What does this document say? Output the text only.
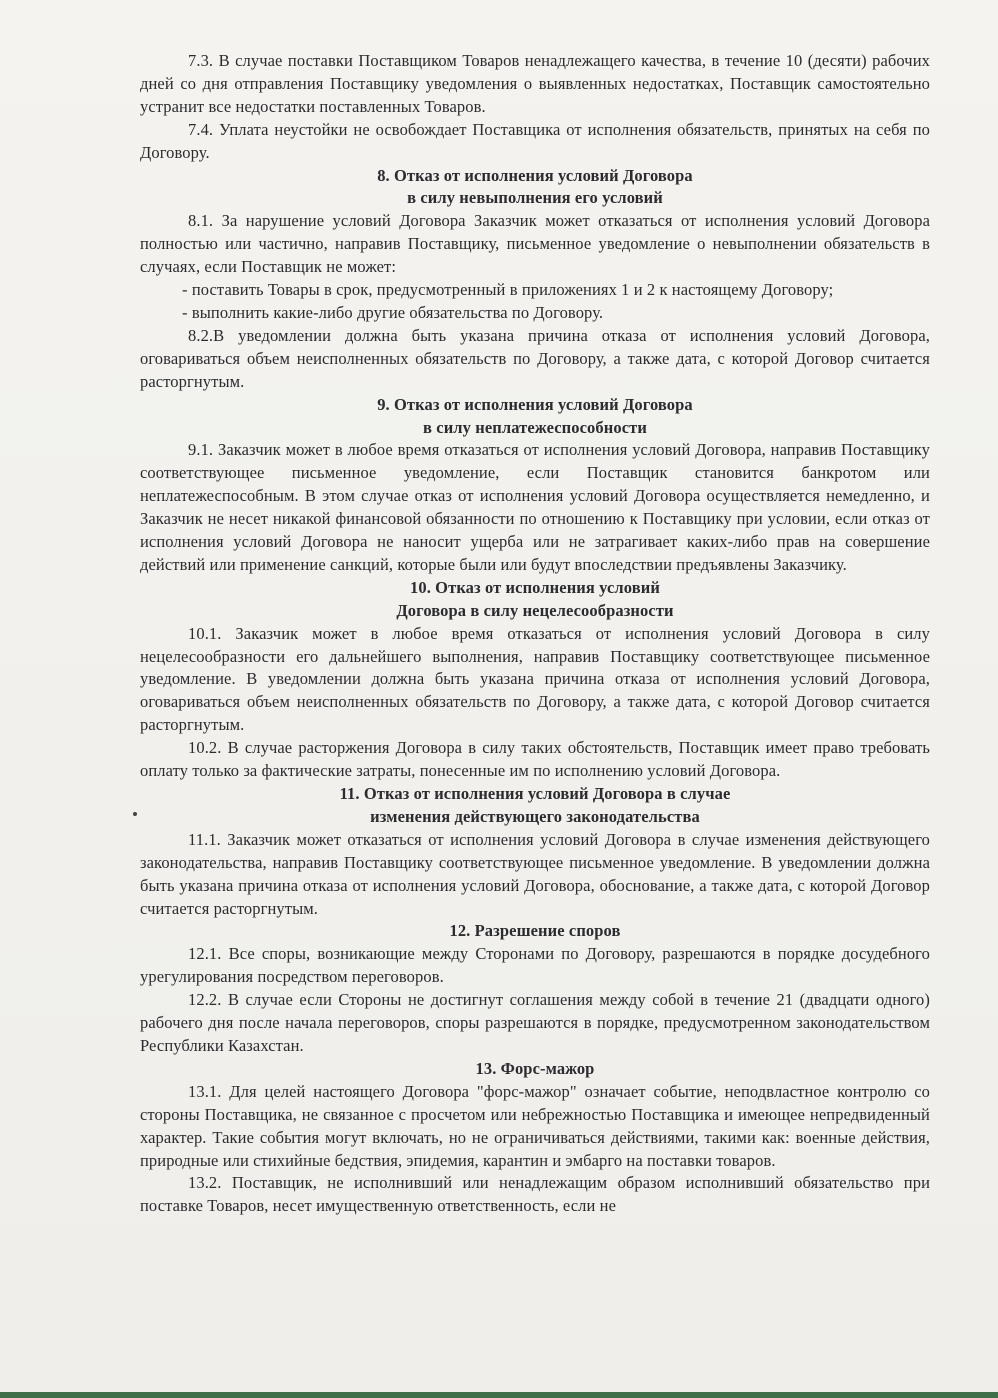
7.3. В случае поставки Поставщиком Товаров ненадлежащего качества, в течение 10 (десяти) рабочих дней со дня отправления Поставщику уведомления о выявленных недостатках, Поставщик самостоятельно устранит все недостатки поставленных Товаров.

7.4. Уплата неустойки не освобождает Поставщика от исполнения обязательств, принятых на себя по Договору.

8. Отказ от исполнения условий Договора

в силу невыполнения его условий

8.1. За нарушение условий Договора Заказчик может отказаться от исполнения условий Договора полностью или частично, направив Поставщику, письменное уведомление о невыполнении обязательств в случаях, если Поставщик не может:

- поставить Товары в срок, предусмотренный в приложениях 1 и 2 к настоящему Договору;

- выполнить какие-либо другие обязательства по Договору.

8.2.В уведомлении должна быть указана причина отказа от исполнения условий Договора, оговариваться объем неисполненных обязательств по Договору, а также дата, с которой Договор считается расторгнутым.

9. Отказ от исполнения условий Договора

в силу неплатежеспособности

9.1. Заказчик может в любое время отказаться от исполнения условий Договора, направив Поставщику соответствующее письменное уведомление, если Поставщик становится банкротом или неплатежеспособным. В этом случае отказ от исполнения условий Договора осуществляется немедленно, и Заказчик не несет никакой финансовой обязанности по отношению к Поставщику при условии, если отказ от исполнения условий Договора не наносит ущерба или не затрагивает каких-либо прав на совершение действий или применение санкций, которые были или будут впоследствии предъявлены Заказчику.

10. Отказ от исполнения условий

Договора в силу нецелесообразности

10.1. Заказчик может в любое время отказаться от исполнения условий Договора в силу нецелесообразности его дальнейшего выполнения, направив Поставщику соответствующее письменное уведомление. В уведомлении должна быть указана причина отказа от исполнения условий Договора, оговариваться объем неисполненных обязательств по Договору, а также дата, с которой Договор считается расторгнутым.

10.2. В случае расторжения Договора в силу таких обстоятельств, Поставщик имеет право требовать оплату только за фактические затраты, понесенные им по исполнению условий Договора.

11. Отказ от исполнения условий Договора в случае

изменения действующего законодательства

11.1. Заказчик может отказаться от исполнения условий Договора в случае изменения действующего законодательства, направив Поставщику соответствующее письменное уведомление. В уведомлении должна быть указана причина отказа от исполнения условий Договора, обоснование, а также дата, с которой Договор считается расторгнутым.

12. Разрешение споров

12.1. Все споры, возникающие между Сторонами по Договору, разрешаются в порядке досудебного урегулирования посредством переговоров.

12.2. В случае если Стороны не достигнут соглашения между собой в течение 21 (двадцати одного) рабочего дня после начала переговоров, споры разрешаются в порядке, предусмотренном законодательством Республики Казахстан.

13. Форс-мажор

13.1. Для целей настоящего Договора "форс-мажор" означает событие, неподвластное контролю со стороны Поставщика, не связанное с просчетом или небрежностью Поставщика и имеющее непредвиденный характер. Такие события могут включать, но не ограничиваться действиями, такими как: военные действия, природные или стихийные бедствия, эпидемия, карантин и эмбарго на поставки товаров.

13.2. Поставщик, не исполнивший или ненадлежащим образом исполнивший обязательство при поставке Товаров, несет имущественную ответственность, если не
